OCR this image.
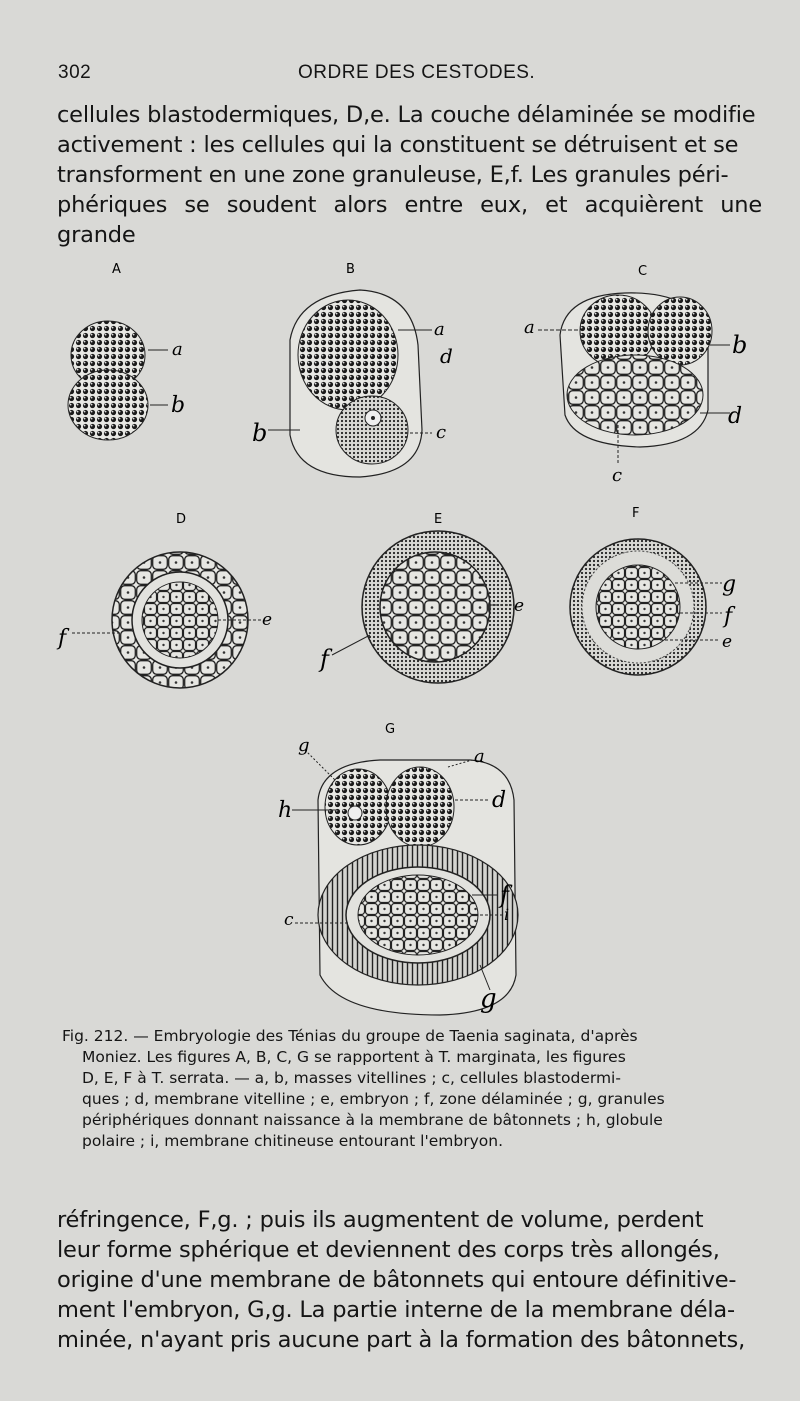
302	ORDRE DES CESTODES.

cellules blastodermiques, D,e. La couche délaminée se modifie

activement : les cellules qui la constituent se détruisent et se

transforment en une zone granuleuse, E,f. Les granules péri-

phériques se soudent alors entre eux, et acquièrent une grande

A	B	C
D	E	F
G
a
b
a
d
c
b
a
b
d
c
f
e
e
f
g
f
e
g
a
d
h
f
i
c
g

Fig. 212. — Embryologie des Ténias du groupe de Taenia saginata, d'après

Moniez. Les figures A, B, C, G se rapportent à T. marginata, les figures

D, E, F à T. serrata. — a, b, masses vitellines ; c, cellules blastodermi-

ques ; d, membrane vitelline ; e, embryon ; f, zone délaminée ; g, granules

périphériques donnant naissance à la membrane de bâtonnets ; h, globule

polaire ; i, membrane chitineuse entourant l'embryon.

réfringence, F,g. ; puis ils augmentent de volume, perdent

leur forme sphérique et deviennent des corps très allongés,

origine d'une membrane de bâtonnets qui entoure définitive-

ment l'embryon, G,g. La partie interne de la membrane déla-

minée, n'ayant pris aucune part à la formation des bâtonnets,
